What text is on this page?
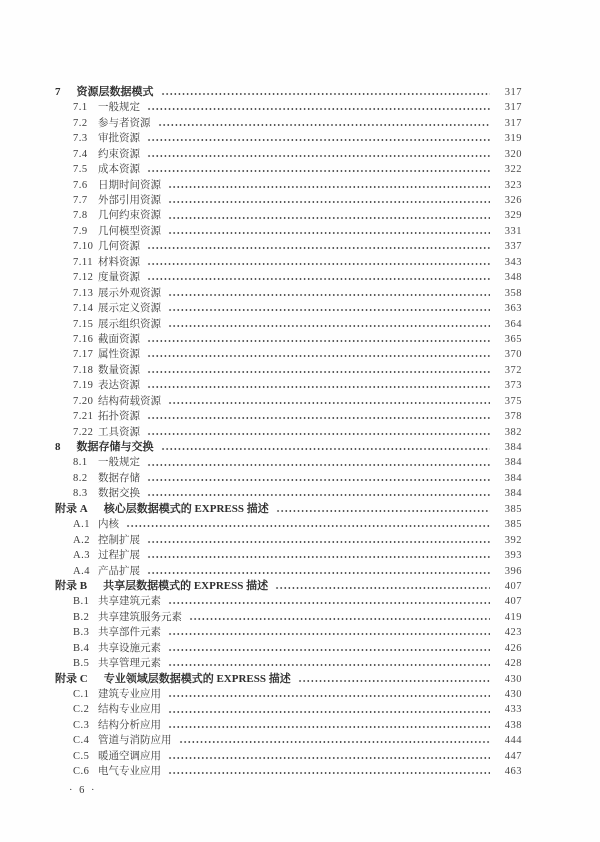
7 资源层数据模式	317
7.1 一般规定	317
7.2 参与者资源	317
7.3 审批资源	319
7.4 约束资源	320
7.5 成本资源	322
7.6 日期时间资源	323
7.7 外部引用资源	326
7.8 几何约束资源	329
7.9 几何模型资源	331
7.10 几何资源	337
7.11 材料资源	343
7.12 度量资源	348
7.13 展示外观资源	358
7.14 展示定义资源	363
7.15 展示组织资源	364
7.16 截面资源	365
7.17 属性资源	370
7.18 数量资源	372
7.19 表达资源	373
7.20 结构荷载资源	375
7.21 拓扑资源	378
7.22 工具资源	382
8 数据存储与交换	384
8.1 一般规定	384
8.2 数据存储	384
8.3 数据交换	384
附录 A 核心层数据模式的 EXPRESS 描述	385
A.1 内核	385
A.2 控制扩展	392
A.3 过程扩展	393
A.4 产品扩展	396
附录 B 共享层数据模式的 EXPRESS 描述	407
B.1 共享建筑元素	407
B.2 共享建筑服务元素	419
B.3 共享部件元素	423
B.4 共享设施元素	426
B.5 共享管理元素	428
附录 C 专业领域层数据模式的 EXPRESS 描述	430
C.1 建筑专业应用	430
C.2 结构专业应用	433
C.3 结构分析应用	438
C.4 管道与消防应用	444
C.5 暖通空调应用	447
C.6 电气专业应用	463
· 6 ·
